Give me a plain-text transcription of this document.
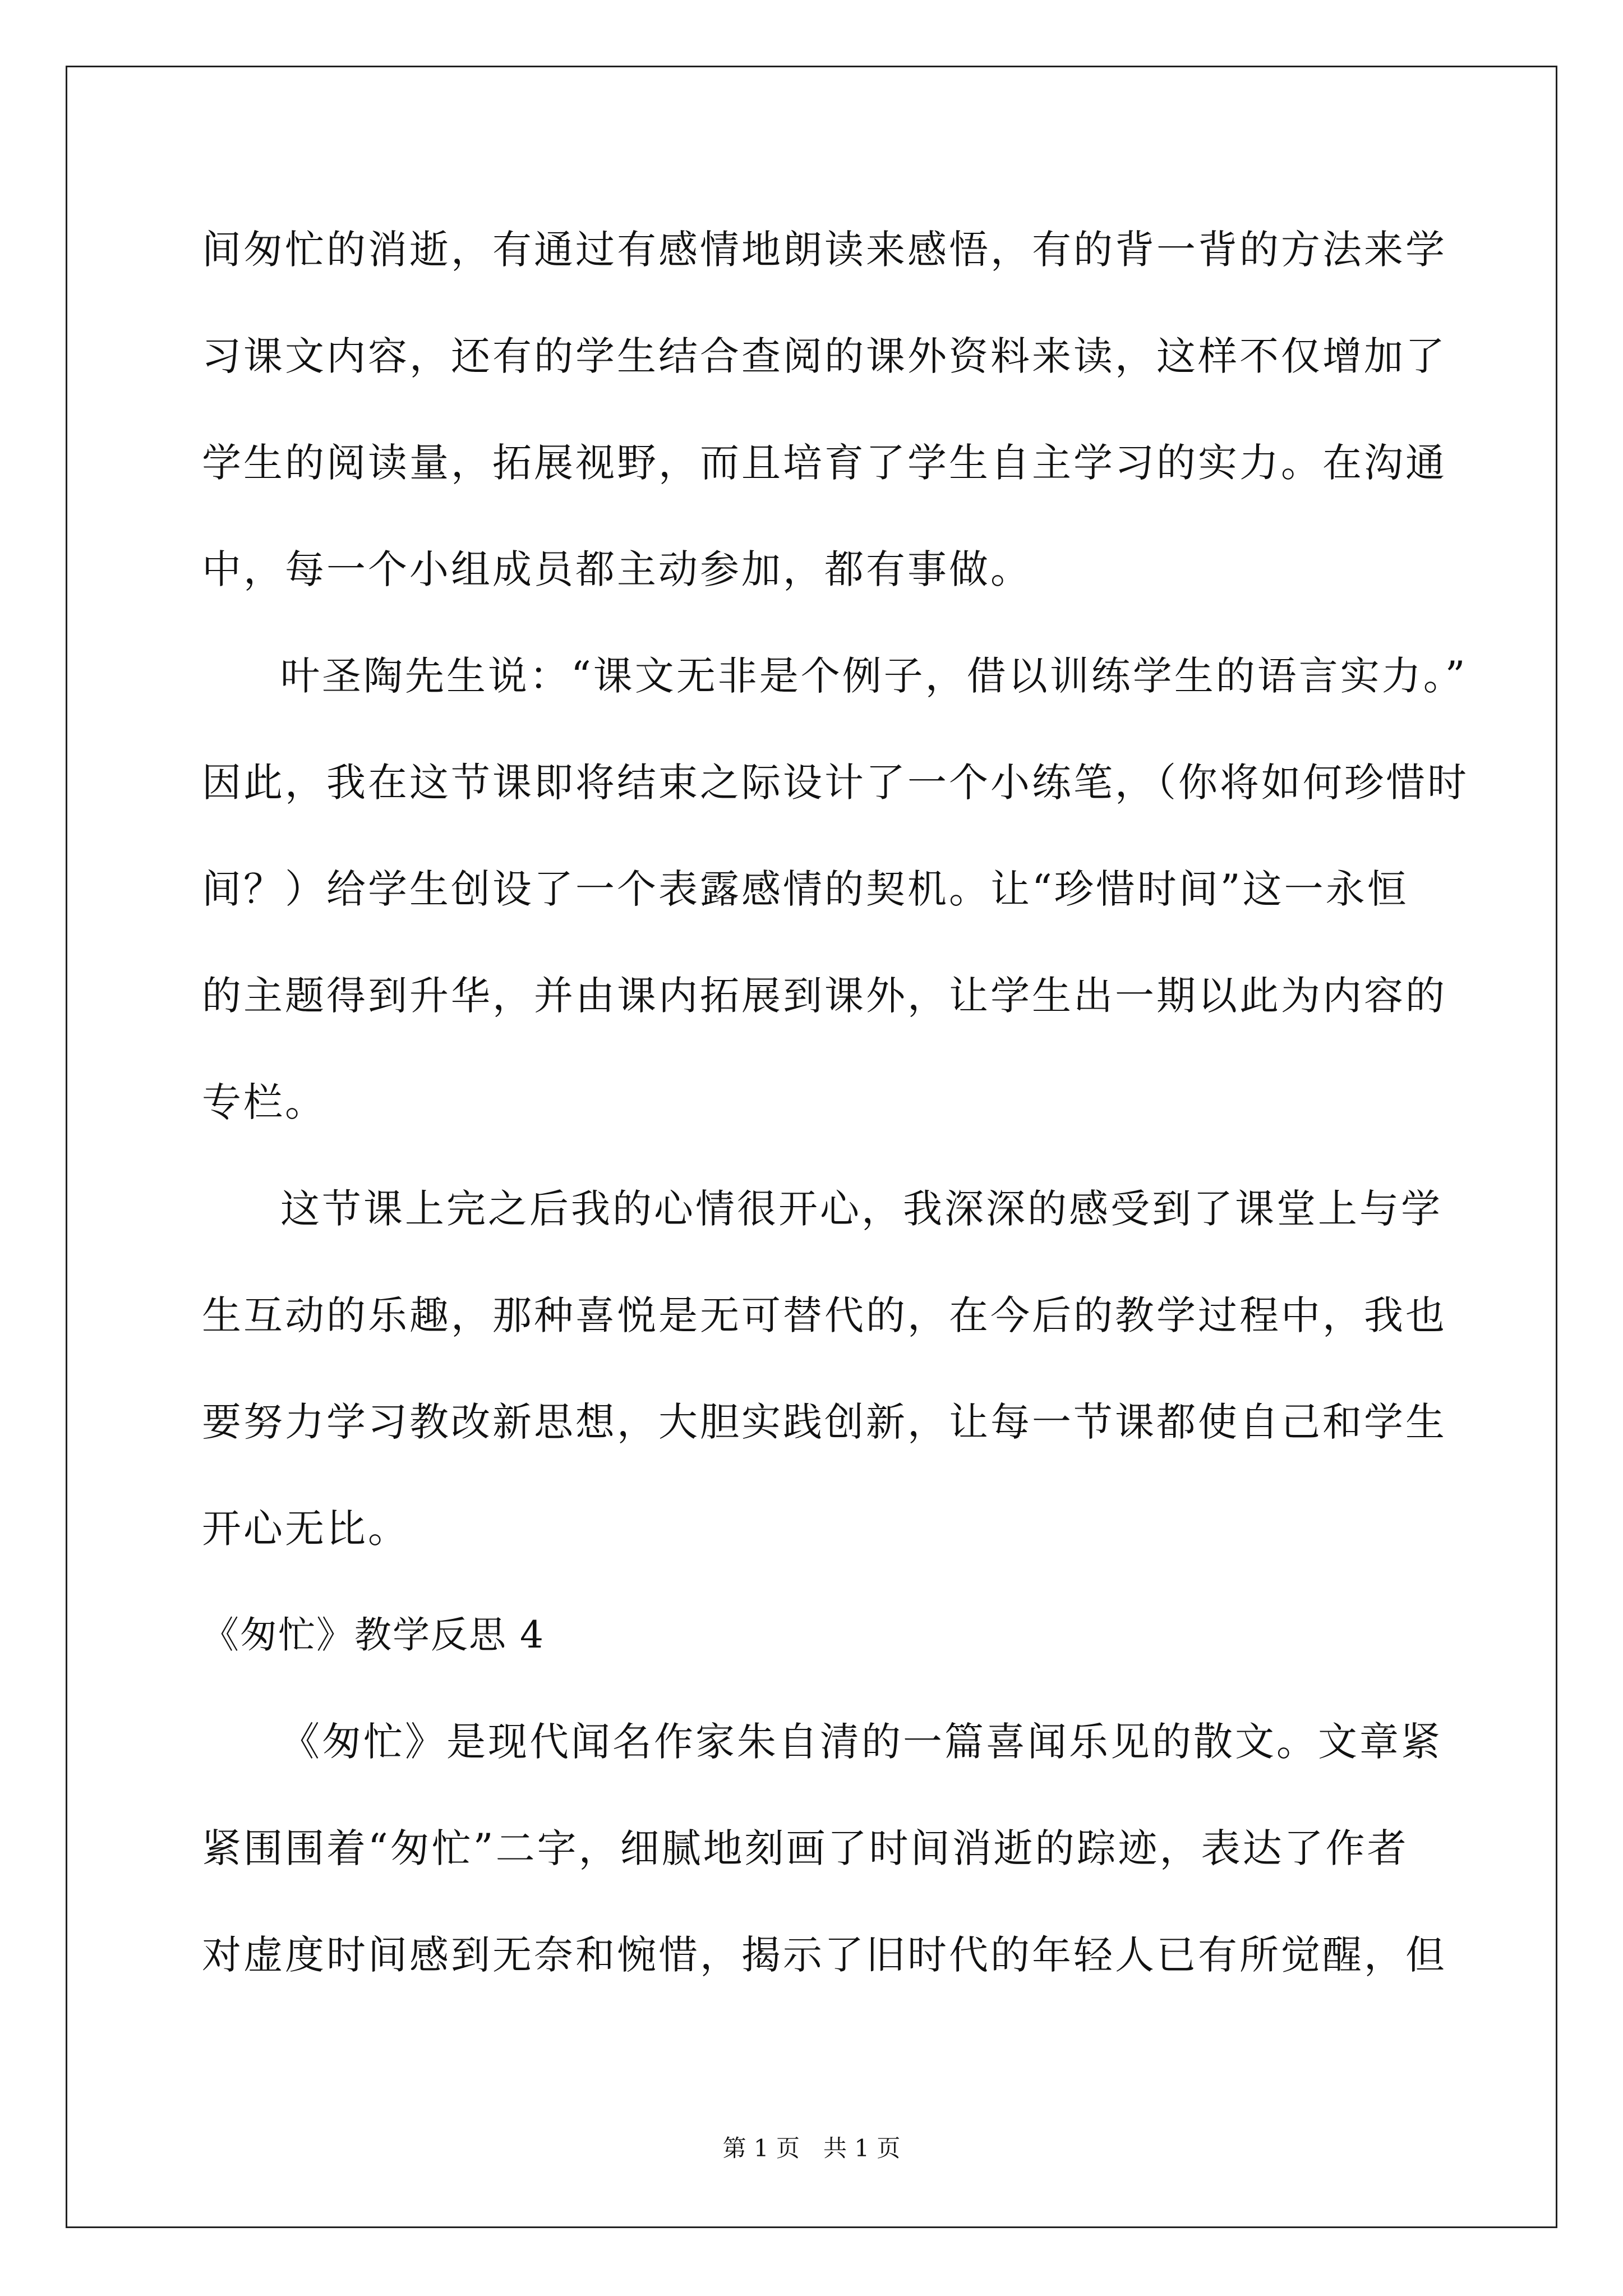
间匆忙的消逝，有通过有感情地朗读来感悟，有的背一背的方法来学
习课文内容，还有的学生结合查阅的课外资料来读，这样不仅增加了
学生的阅读量，拓展视野，而且培育了学生自主学习的实力。在沟通
中，每一个小组成员都主动参加，都有事做。
叶圣陶先生说：“课文无非是个例子，借以训练学生的语言实力。”
因此，我在这节课即将结束之际设计了一个小练笔，（你将如何珍惜时
间？）给学生创设了一个表露感情的契机。让“珍惜时间”这一永恒
的主题得到升华，并由课内拓展到课外，让学生出一期以此为内容的
专栏。
这节课上完之后我的心情很开心，我深深的感受到了课堂上与学
生互动的乐趣，那种喜悦是无可替代的，在今后的教学过程中，我也
要努力学习教改新思想，大胆实践创新，让每一节课都使自己和学生
开心无比。
《匆忙》教学反思 4
《匆忙》是现代闻名作家朱自清的一篇喜闻乐见的散文。文章紧
紧围围着“匆忙”二字，细腻地刻画了时间消逝的踪迹，表达了作者
对虚度时间感到无奈和惋惜，揭示了旧时代的年轻人已有所觉醒，但
第 1 页　共 1 页
